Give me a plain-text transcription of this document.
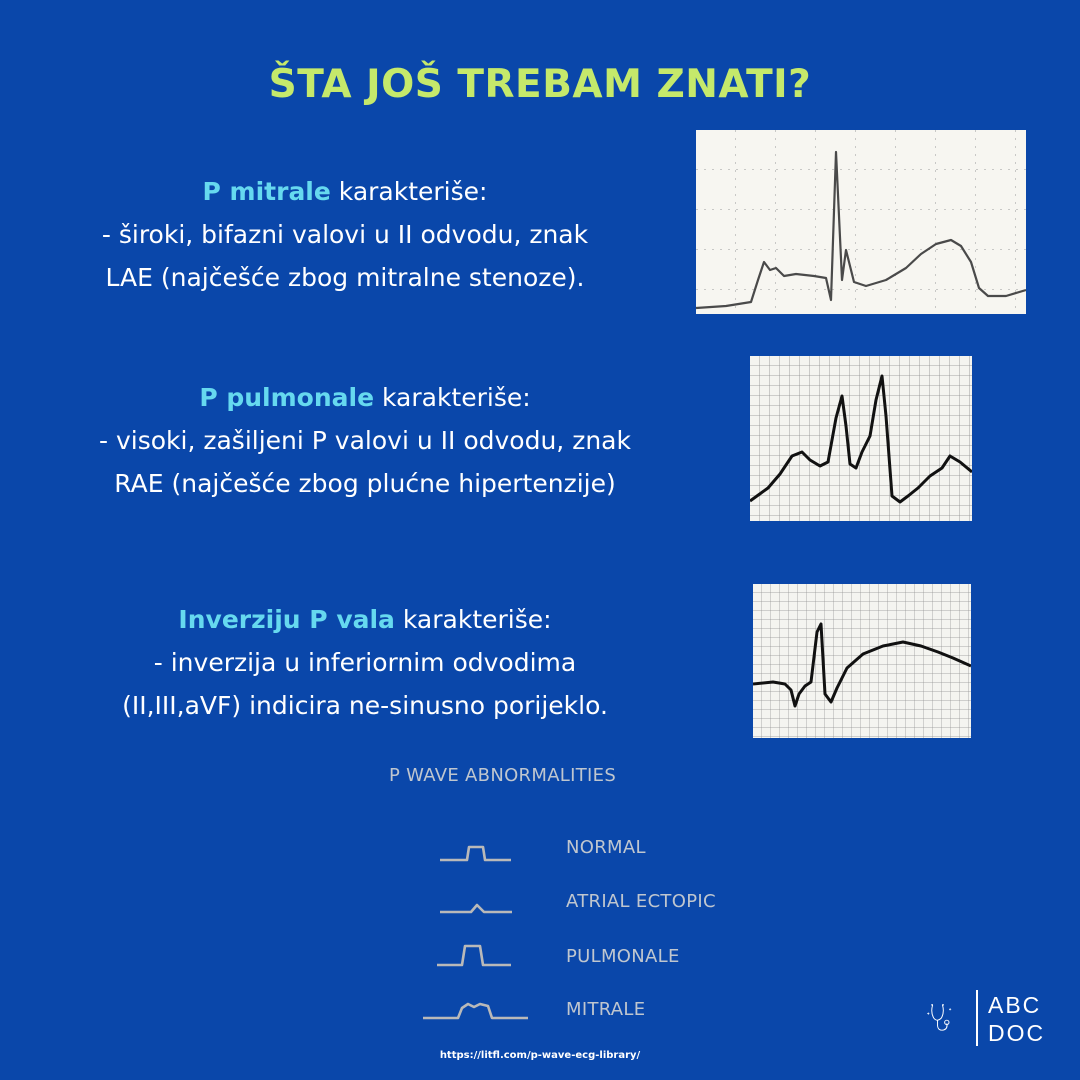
ŠTA JOŠ TREBAM ZNATI?
P mitrale karakteriše:
- široki, bifazni valovi u II odvodu, znak
LAE (najčešće zbog mitralne stenoze).
P pulmonale karakteriše:
- visoki, zašiljeni P valovi u II odvodu, znak
RAE (najčešće zbog plućne hipertenzije)
Inverziju P vala karakteriše:
- inverzija u inferiornim odvodima
(II,III,aVF) indicira ne-sinusno porijeklo.
P WAVE ABNORMALITIES
NORMAL
ATRIAL ECTOPIC
PULMONALE
MITRALE	ABC
DOC
https://litfl.com/p-wave-ecg-library/
